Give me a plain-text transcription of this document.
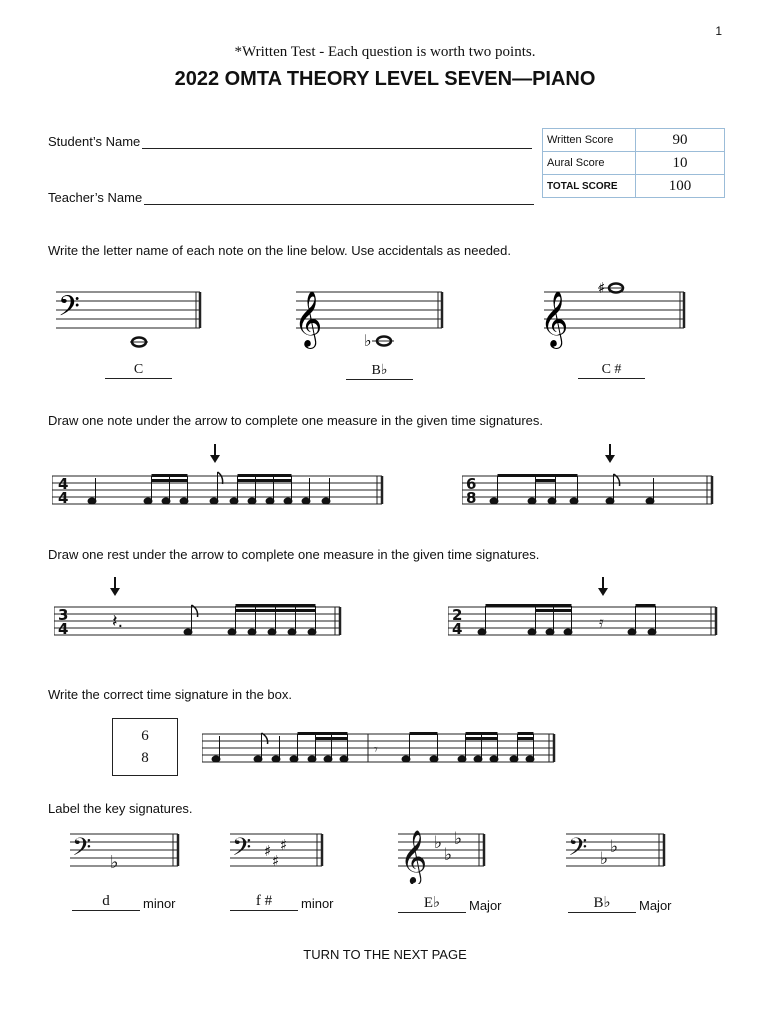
1
*Written Test - Each question is worth two points.
2022 OMTA THEORY LEVEL SEVEN—PIANO
Student’s Name
Teacher’s Name
Written Score	90
Aural Score	10
TOTAL SCORE	100
Write the letter name of each note on the line below. Use accidentals as needed.
𝄢
C
𝄞	♭
B♭
𝄞
♯
C #
Draw one note under the arrow to complete one measure in the given time signatures.
4
4
6
8
Draw one rest under the arrow to complete one measure in the given time signatures.
3
4 𝄽.	2
4	𝄿
Write the correct time signature in the box.
6
8	𝄾
Label the key signatures.
𝄢 ♭	𝄢 ♯
♯
♯ 𝄞 ♭
♭
♭	𝄢 ♭
♭
d	minor	f #	minor	E♭	Major	B♭	Major
TURN TO THE NEXT PAGE
